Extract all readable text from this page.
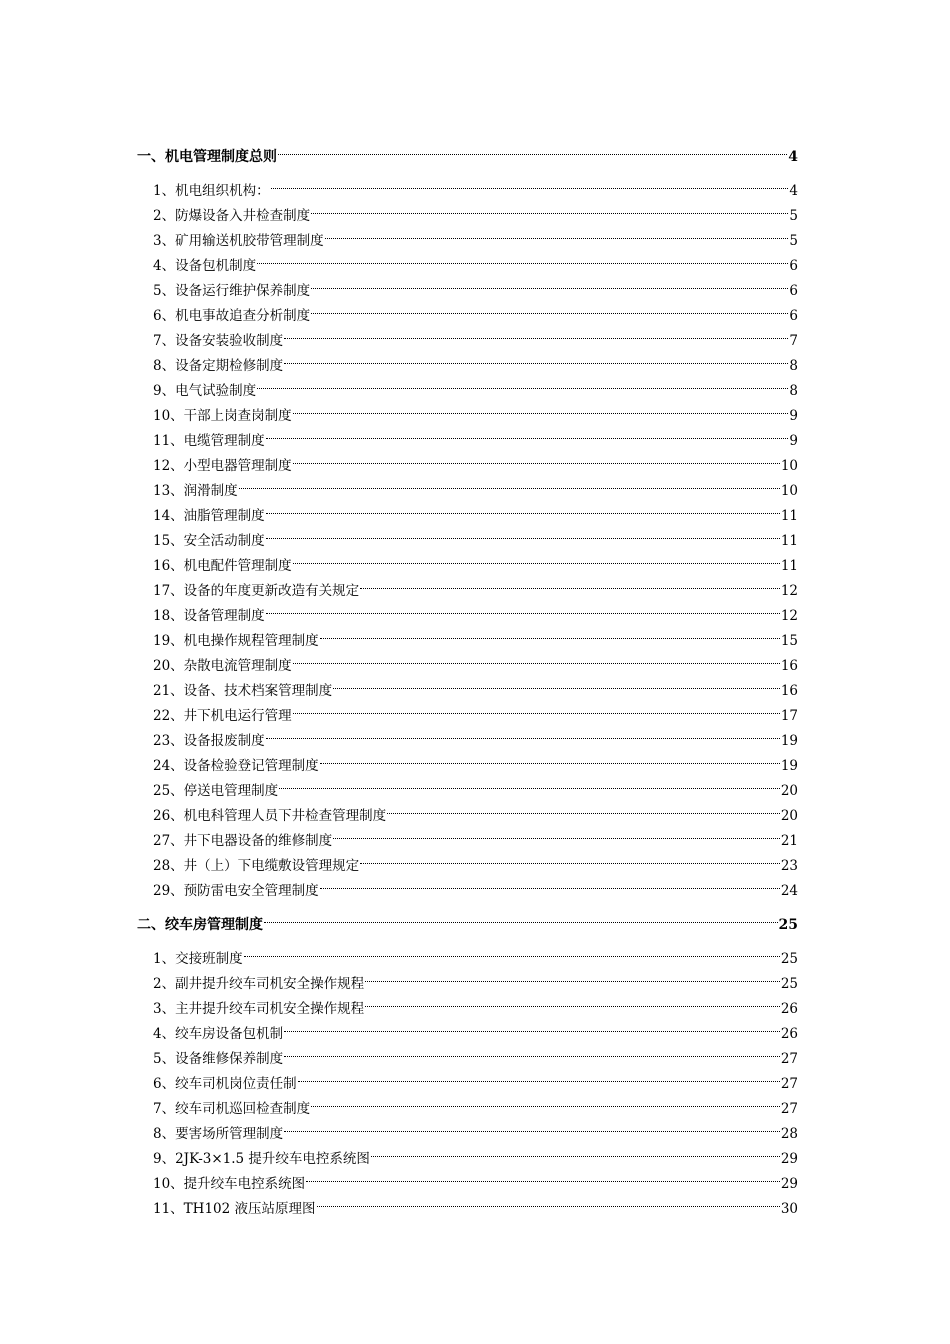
一、机电管理制度总则	4
1、机电组织机构：	4
2、防爆设备入井检查制度	5
3、矿用输送机胶带管理制度	5
4、设备包机制度	6
5、设备运行维护保养制度	6
6、机电事故追查分析制度	6
7、设备安装验收制度	7
8、设备定期检修制度	8
9、电气试验制度	8
10、干部上岗查岗制度	9
11、电缆管理制度	9
12、小型电器管理制度	10
13、润滑制度	10
14、油脂管理制度	11
15、安全活动制度	11
16、机电配件管理制度	11
17、设备的年度更新改造有关规定	12
18、设备管理制度	12
19、机电操作规程管理制度	15
20、杂散电流管理制度	16
21、设备、技术档案管理制度	16
22、井下机电运行管理	17
23、设备报废制度	19
24、设备检验登记管理制度	19
25、停送电管理制度	20
26、机电科管理人员下井检查管理制度	20
27、井下电器设备的维修制度	21
28、井（上）下电缆敷设管理规定	23
29、预防雷电安全管理制度	24
二、绞车房管理制度	25
1、交接班制度	25
2、副井提升绞车司机安全操作规程	25
3、主井提升绞车司机安全操作规程	26
4、绞车房设备包机制	26
5、设备维修保养制度	27
6、绞车司机岗位责任制	27
7、绞车司机巡回检查制度	27
8、要害场所管理制度	28
9、2JK-3×1.5 提升绞车电控系统图	29
10、提升绞车电控系统图	29
11、TH102 液压站原理图	30
